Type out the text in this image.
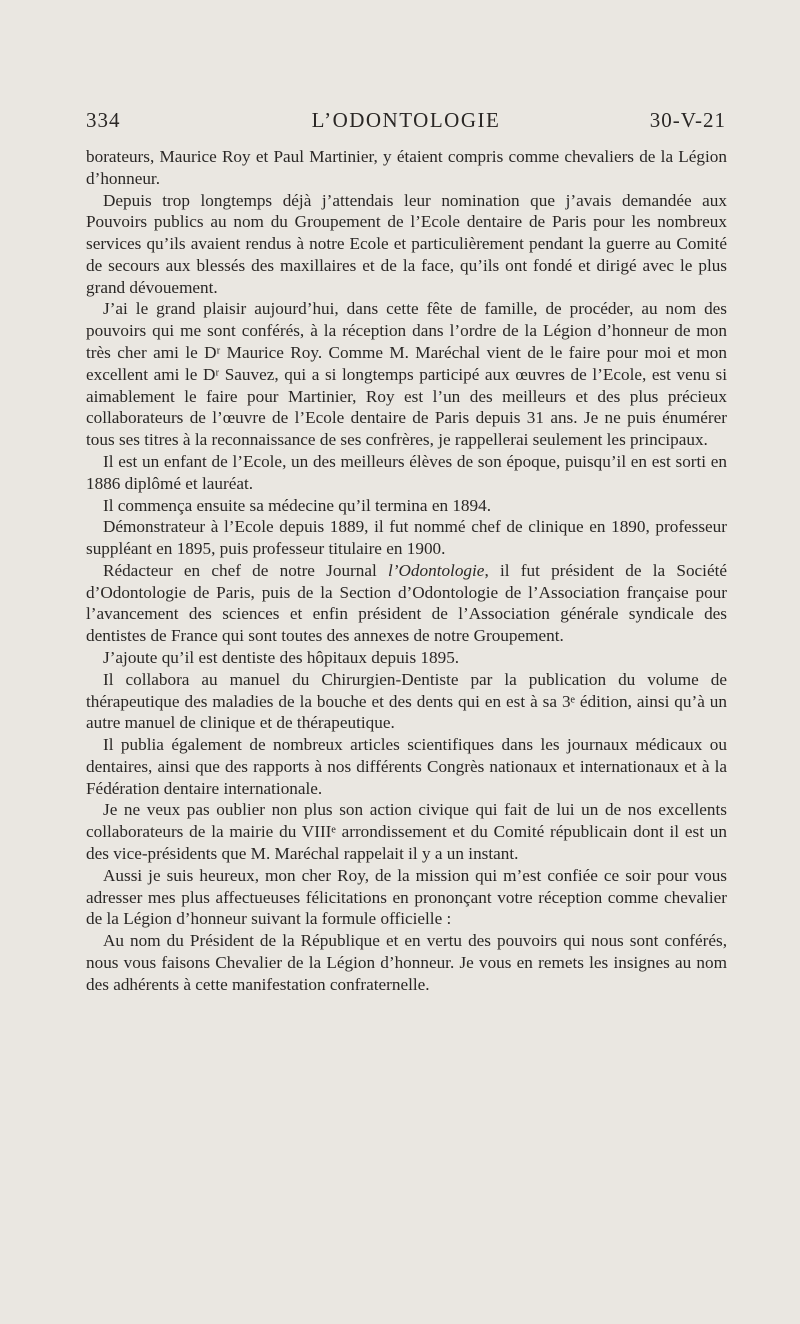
334	L’ODONTOLOGIE	30-V-21

borateurs, Maurice Roy et Paul Martinier, y étaient compris comme chevaliers de la Légion d’honneur.

Depuis trop longtemps déjà j’attendais leur nomination que j’avais demandée aux Pouvoirs publics au nom du Groupement de l’Ecole dentaire de Paris pour les nombreux services qu’ils avaient rendus à notre Ecole et particulièrement pendant la guerre au Comité de secours aux blessés des maxillaires et de la face, qu’ils ont fondé et dirigé avec le plus grand dévouement.

J’ai le grand plaisir aujourd’hui, dans cette fête de famille, de procéder, au nom des pouvoirs qui me sont conférés, à la réception dans l’ordre de la Légion d’honneur de mon très cher ami le Dʳ Maurice Roy. Comme M. Maréchal vient de le faire pour moi et mon excellent ami le Dʳ Sauvez, qui a si longtemps participé aux œuvres de l’Ecole, est venu si aimablement le faire pour Martinier, Roy est l’un des meilleurs et des plus précieux collaborateurs de l’œuvre de l’Ecole dentaire de Paris depuis 31 ans. Je ne puis énumérer tous ses titres à la reconnaissance de ses confrères, je rappellerai seulement les principaux.

Il est un enfant de l’Ecole, un des meilleurs élèves de son époque, puisqu’il en est sorti en 1886 diplômé et lauréat.

Il commença ensuite sa médecine qu’il termina en 1894.

Démonstrateur à l’Ecole depuis 1889, il fut nommé chef de clinique en 1890, professeur suppléant en 1895, puis professeur titulaire en 1900.

Rédacteur en chef de notre Journal l’Odontologie, il fut président de la Société d’Odontologie de Paris, puis de la Section d’Odontologie de l’Association française pour l’avancement des sciences et enfin président de l’Association générale syndicale des dentistes de France qui sont toutes des annexes de notre Groupement.

J’ajoute qu’il est dentiste des hôpitaux depuis 1895.

Il collabora au manuel du Chirurgien-Dentiste par la publication du volume de thérapeutique des maladies de la bouche et des dents qui en est à sa 3ᵉ édition, ainsi qu’à un autre manuel de clinique et de thérapeutique.

Il publia également de nombreux articles scientifiques dans les journaux médicaux ou dentaires, ainsi que des rapports à nos différents Congrès nationaux et internationaux et à la Fédération dentaire internationale.

Je ne veux pas oublier non plus son action civique qui fait de lui un de nos excellents collaborateurs de la mairie du VIIIᵉ arrondissement et du Comité républicain dont il est un des vice-présidents que M. Maréchal rappelait il y a un instant.

Aussi je suis heureux, mon cher Roy, de la mission qui m’est confiée ce soir pour vous adresser mes plus affectueuses félicitations en prononçant votre réception comme chevalier de la Légion d’honneur suivant la formule officielle :

Au nom du Président de la République et en vertu des pouvoirs qui nous sont conférés, nous vous faisons Chevalier de la Légion d’honneur. Je vous en remets les insignes au nom des adhérents à cette manifestation confraternelle.
